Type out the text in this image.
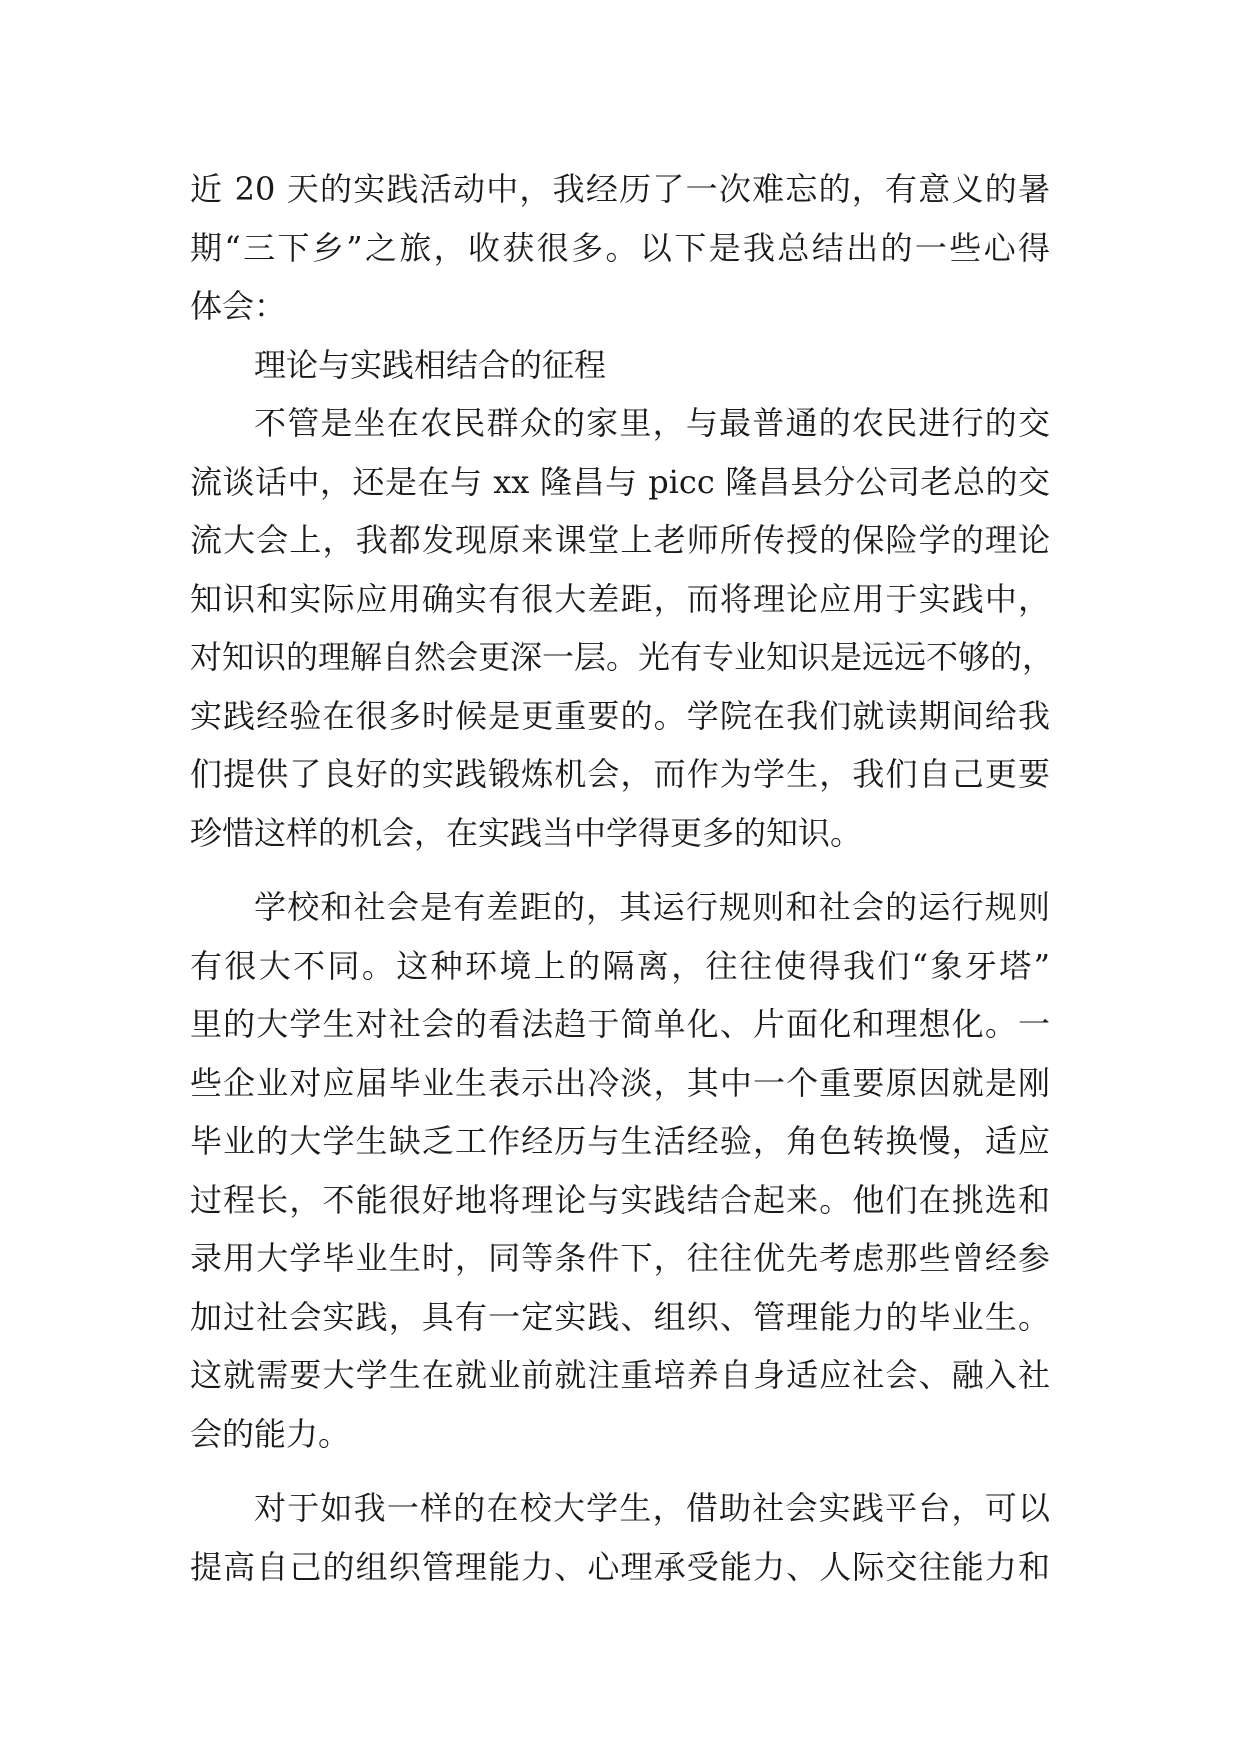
近 20 天的实践活动中，我经历了一次难忘的，有意义的暑
期“三下乡”之旅，收获很多。以下是我总结出的一些心得
体会：
理论与实践相结合的征程
不管是坐在农民群众的家里，与最普通的农民进行的交
流谈话中，还是在与 xx 隆昌与 picc 隆昌县分公司老总的交
流大会上，我都发现原来课堂上老师所传授的保险学的理论
知识和实际应用确实有很大差距，而将理论应用于实践中，
对知识的理解自然会更深一层。光有专业知识是远远不够的，
实践经验在很多时候是更重要的。学院在我们就读期间给我
们提供了良好的实践锻炼机会，而作为学生，我们自己更要
珍惜这样的机会，在实践当中学得更多的知识。
学校和社会是有差距的，其运行规则和社会的运行规则
有很大不同。这种环境上的隔离，往往使得我们“象牙塔”
里的大学生对社会的看法趋于简单化、片面化和理想化。一
些企业对应届毕业生表示出冷淡，其中一个重要原因就是刚
毕业的大学生缺乏工作经历与生活经验，角色转换慢，适应
过程长，不能很好地将理论与实践结合起来。他们在挑选和
录用大学毕业生时，同等条件下，往往优先考虑那些曾经参
加过社会实践，具有一定实践、组织、管理能力的毕业生。
这就需要大学生在就业前就注重培养自身适应社会、融入社
会的能力。
对于如我一样的在校大学生，借助社会实践平台，可以
提高自己的组织管理能力、心理承受能力、人际交往能力和
